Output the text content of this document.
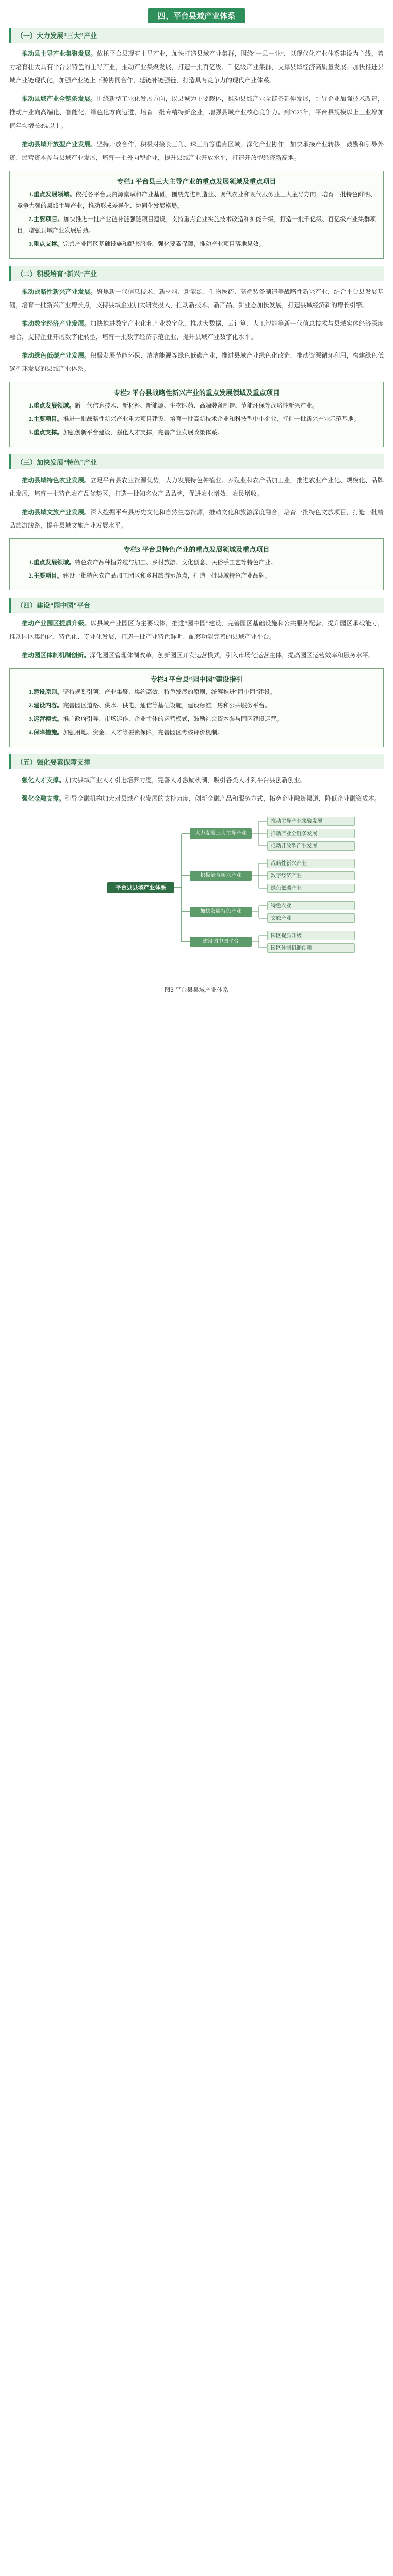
四、平台县域产业体系
（一）大力发展“三大”产业

推动县主导产业集聚发展。依托平台县现有主导产业，加快打造县域产业集群，围绕“一县一业”，以现代化产业体系建设为主线，着力培育壮大具有平台县特色的主导产业，推动产业集聚发展，打造一批百亿级、千亿级产业集群，支撑县域经济高质量发展。加快推进县域产业链现代化，加强产业链上下游协同合作，延链补链强链，打造具有竞争力的现代产业体系。

推动县域产业全链条发展。围绕新型工业化发展方向，以县城为主要载体，推动县域产业全链条延伸发展，引导企业加强技术改造，推动产业向高端化、智能化、绿色化方向迈进，培育一批专精特新企业，增强县域产业核心竞争力。到2025年，平台县规模以上工业增加值年均增长8%以上。

推动县域开放型产业发展。坚持开放合作，积极对接长三角、珠三角等重点区域，深化产业协作，加快承接产业转移，鼓励和引导外资、民营资本参与县域产业发展，培育一批外向型企业，提升县域产业开放水平，打造开放型经济新高地。

专栏1 平台县三大主导产业的重点发展领域及重点项目

1.重点发展领域。依托各平台县资源禀赋和产业基础，围绕先进制造业、现代农业和现代服务业三大主导方向，培育一批特色鲜明、竞争力强的县域主导产业，推动形成差异化、协同化发展格局。

2.主要项目。加快推进一批产业链补链强链项目建设，支持重点企业实施技术改造和扩能升级，打造一批千亿级、百亿级产业集群项目，增强县域产业发展后劲。

3.重点支撑。完善产业园区基础设施和配套服务，强化要素保障，推动产业项目落地见效。

（二）积极培育“新兴”产业

推动战略性新兴产业发展。聚焦新一代信息技术、新材料、新能源、生物医药、高端装备制造等战略性新兴产业，结合平台县发展基础，培育一批新兴产业增长点，支持县域企业加大研发投入，推动新技术、新产品、新业态加快发展，打造县域经济新的增长引擎。

推动数字经济产业发展。加快推进数字产业化和产业数字化，推动大数据、云计算、人工智能等新一代信息技术与县域实体经济深度融合，支持企业开展数字化转型，培育一批数字经济示范企业，提升县域产业数字化水平。

推动绿色低碳产业发展。积极发展节能环保、清洁能源等绿色低碳产业，推进县域产业绿色化改造，推动资源循环利用，构建绿色低碳循环发展的县域产业体系。

专栏2 平台县战略性新兴产业的重点发展领域及重点项目

1.重点发展领域。新一代信息技术、新材料、新能源、生物医药、高端装备制造、节能环保等战略性新兴产业。

2.主要项目。推进一批战略性新兴产业重大项目建设，培育一批高新技术企业和科技型中小企业，打造一批新兴产业示范基地。

3.重点支撑。加强创新平台建设，强化人才支撑，完善产业发展政策体系。

（三）加快发展“特色”产业

推动县域特色农业发展。立足平台县农业资源优势，大力发展特色种植业、养殖业和农产品加工业，推进农业产业化、规模化、品牌化发展，培育一批特色农产品优势区，打造一批知名农产品品牌，促进农业增效、农民增收。

推动县域文旅产业发展。深入挖掘平台县历史文化和自然生态资源，推动文化和旅游深度融合，培育一批特色文旅项目，打造一批精品旅游线路，提升县域文旅产业发展水平。

专栏3 平台县特色产业的重点发展领域及重点项目

1.重点发展领域。特色农产品种植养殖与加工、乡村旅游、文化创意、民俗手工艺等特色产业。

2.主要项目。建设一批特色农产品加工园区和乡村旅游示范点，打造一批县域特色产业品牌。

（四）建设“园中园”平台

推动产业园区提质升级。以县域产业园区为主要载体，推进“园中园”建设，完善园区基础设施和公共服务配套，提升园区承载能力，推动园区集约化、特色化、专业化发展，打造一批产业特色鲜明、配套功能完善的县域产业平台。

推动园区体制机制创新。深化园区管理体制改革，创新园区开发运营模式，引入市场化运营主体，提高园区运营效率和服务水平。

专栏4 平台县“园中园”建设指引

1.建设原则。坚持规划引领、产业集聚、集约高效、特色发展的原则，统筹推进“园中园”建设。

2.建设内容。完善园区道路、供水、供电、通信等基础设施，建设标准厂房和公共服务平台。

3.运营模式。推广政府引导、市场运作、企业主体的运营模式，鼓励社会资本参与园区建设运营。

4.保障措施。加强用地、资金、人才等要素保障，完善园区考核评价机制。

（五）强化要素保障支撑

强化人才支撑。加大县域产业人才引进培养力度，完善人才激励机制，吸引各类人才到平台县创新创业。

强化金融支撑。引导金融机构加大对县域产业发展的支持力度，创新金融产品和服务方式，拓宽企业融资渠道，降低企业融资成本。

推动主导产业集聚发展
推动产业全链条发展
推动开放型产业发展
大力发展三大主导产业
战略性新兴产业
数字经济产业
绿色低碳产业
积极培育新兴产业
特色农业
文旅产业
加快发展特色产业
园区提质升级
园区体制机制创新
建设园中园平台
平台县县域产业体系
图3 平台县县域产业体系
